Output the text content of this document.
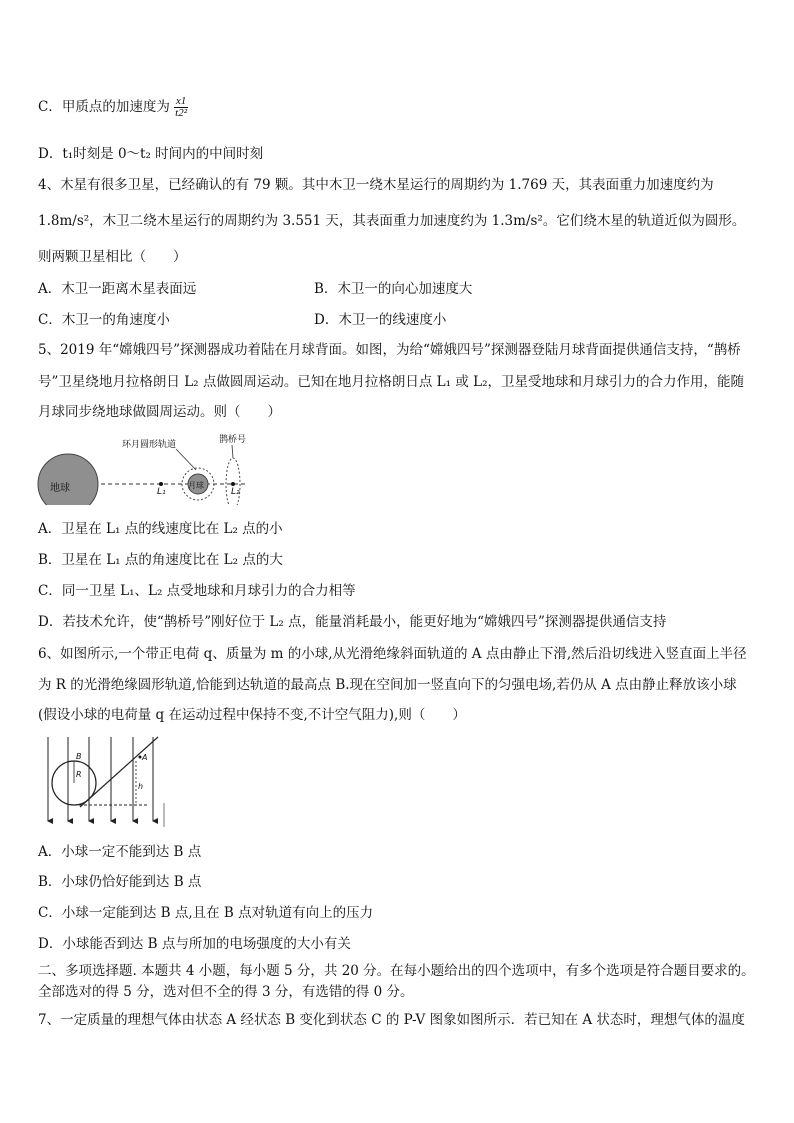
C．甲质点的加速度为 $\frac{x1}{\text{t2²}}$
D．t₁时刻是 0～t₂ 时间内的中间时刻
4、木星有很多卫星，已经确认的有 79 颗。其中木卫一绕木星运行的周期约为 1.769 天，其表面重力加速度约为
1.8m/s²，木卫二绕木星运行的周期约为 3.551 天，其表面重力加速度约为 1.3m/s²。它们绕木星的轨道近似为圆形。
则两颗卫星相比（　　）
A．木卫一距离木星表面远	B．木卫一的向心加速度大
C．木卫一的角速度小	D．木卫一的线速度小
5、2019 年“嫦娥四号”探测器成功着陆在月球背面。如图，为给“嫦娥四号”探测器登陆月球背面提供通信支持，“鹊桥
号”卫星绕地月拉格朗日 L₂ 点做圆周运动。已知在地月拉格朗日点 L₁ 或 L₂，卫星受地球和月球引力的合力作用，能随
月球同步绕地球做圆周运动。则（　　）
地球	L₁
月球
L₂
环月圆形轨道	鹊桥号
A．卫星在 L₁ 点的线速度比在 L₂ 点的小
B．卫星在 L₁ 点的角速度比在 L₂ 点的大
C．同一卫星 L₁、L₂ 点受地球和月球引力的合力相等
D．若技术允许，使“鹊桥号”刚好位于 L₂ 点，能量消耗最小，能更好地为“嫦娥四号”探测器提供通信支持
6、如图所示,一个带正电荷 q、质量为 m 的小球,从光滑绝缘斜面轨道的 A 点由静止下滑,然后沿切线进入竖直面上半径
为 R 的光滑绝缘圆形轨道,恰能到达轨道的最高点 B.现在空间加一竖直向下的匀强电场,若仍从 A 点由静止释放该小球
(假设小球的电荷量 q 在运动过程中保持不变,不计空气阻力),则（　　）
B
R
A
h
A．小球一定不能到达 B 点
B．小球仍恰好能到达 B 点
C．小球一定能到达 B 点,且在 B 点对轨道有向上的压力
D．小球能否到达 B 点与所加的电场强度的大小有关
二、多项选择题. 本题共 4 小题，每小题 5 分，共 20 分。在每小题给出的四个选项中，有多个选项是符合题目要求的。
全部选对的得 5 分，选对但不全的得 3 分，有选错的得 0 分。
7、一定质量的理想气体由状态 A 经状态 B 变化到状态 C 的 P-V 图象如图所示．若已知在 A 状态时，理想气体的温度
